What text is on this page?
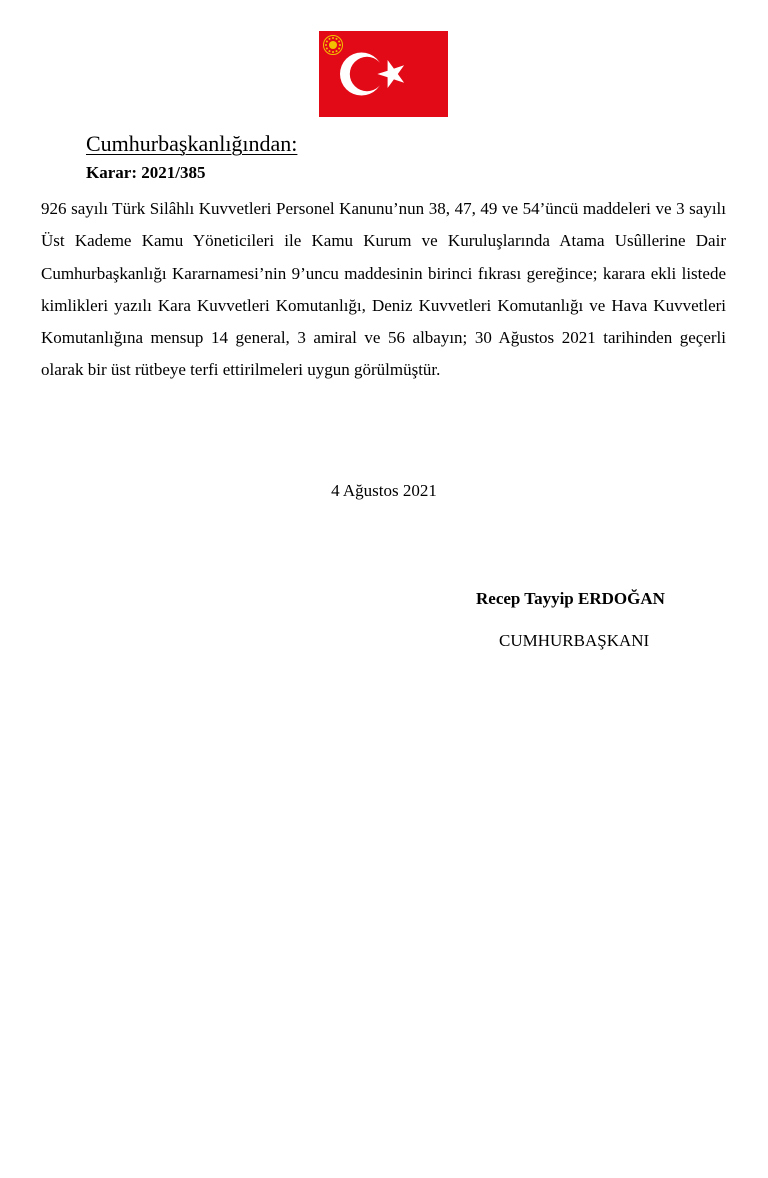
Cumhurbaşkanlığından:
Karar: 2021/385

926 sayılı Türk Silâhlı Kuvvetleri Personel Kanunu’nun 38, 47, 49 ve 54’üncü maddeleri ve 3 sayılı Üst Kademe Kamu Yöneticileri ile Kamu Kurum ve Kuruluşlarında Atama Usûllerine Dair Cumhurbaşkanlığı Kararnamesi’nin 9’uncu maddesinin birinci fıkrası gereğince; karara ekli listede kimlikleri yazılı Kara Kuvvetleri Komutanlığı, Deniz Kuvvetleri Komutanlığı ve Hava Kuvvetleri Komutanlığına mensup 14 general, 3 amiral ve 56 albayın; 30 Ağustos 2021 tarihinden geçerli olarak bir üst rütbeye terfi ettirilmeleri uygun görülmüştür.

4 Ağustos 2021
Recep Tayyip ERDOĞAN
CUMHURBAŞKANI
